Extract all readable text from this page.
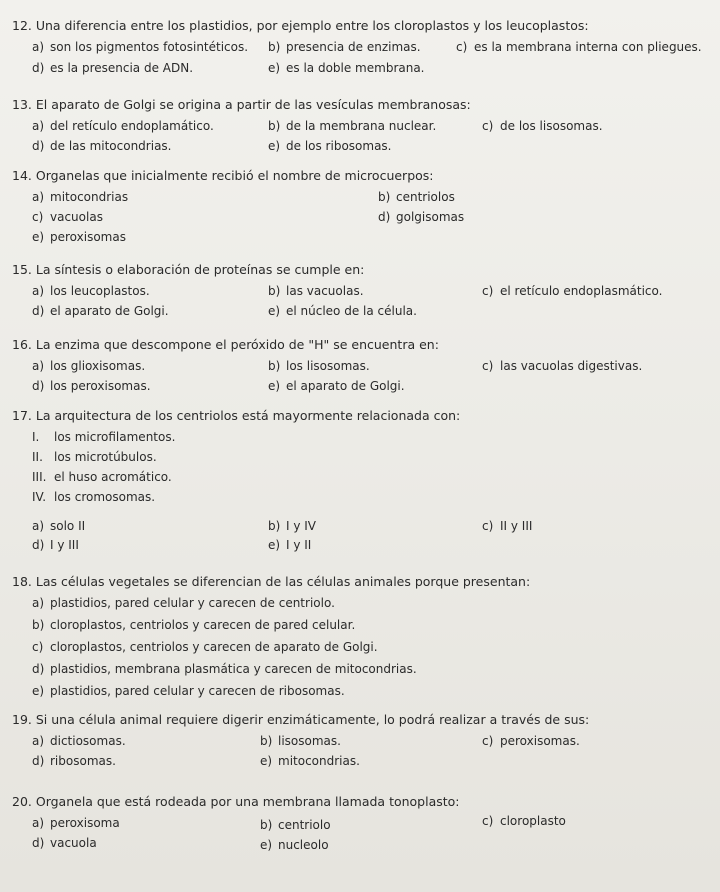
12. Una diferencia entre los plastidios, por ejemplo entre los cloroplastos y los leucoplastos:
a) son los pigmentos fotosintéticos. b) presencia de enzimas.	c) es la membrana interna con pliegues.
d) es la presencia de ADN.	e) es la doble membrana.
13. El aparato de Golgi se origina a partir de las vesículas membranosas:
a) del retículo endoplamático.	b) de la membrana nuclear.	c) de los lisosomas.
d) de las mitocondrias.	e) de los ribosomas.
14. Organelas que inicialmente recibió el nombre de microcuerpos:
a) mitocondrias	b) centriolos
c) vacuolas	d) golgisomas
e) peroxisomas
15. La síntesis o elaboración de proteínas se cumple en:
a) los leucoplastos.	b) las vacuolas.	c) el retículo endoplasmático.
d) el aparato de Golgi.	e) el núcleo de la célula.
16. La enzima que descompone el peróxido de "H" se encuentra en:
a) los glioxisomas.	b) los lisosomas.	c) las vacuolas digestivas.
d) los peroxisomas.	e) el aparato de Golgi.
17. La arquitectura de los centriolos está mayormente relacionada con:
I. los microfilamentos.
II. los microtúbulos.
III. el huso acromático.
IV. los cromosomas.
a) solo II	b) I y IV	c) II y III
d) I y III	e) I y II
18. Las células vegetales se diferencian de las células animales porque presentan:
a) plastidios, pared celular y carecen de centriolo.
b) cloroplastos, centriolos y carecen de pared celular.
c) cloroplastos, centriolos y carecen de aparato de Golgi.
d) plastidios, membrana plasmática y carecen de mitocondrias.
e) plastidios, pared celular y carecen de ribosomas.
19. Si una célula animal requiere digerir enzimáticamente, lo podrá realizar a través de sus:
a) dictiosomas.	b) lisosomas.	c) peroxisomas.
d) ribosomas.	e) mitocondrias.
20. Organela que está rodeada por una membrana llamada tonoplasto:
a) peroxisoma	b) centriolo	c) cloroplasto
d) vacuola	e) nucleolo
